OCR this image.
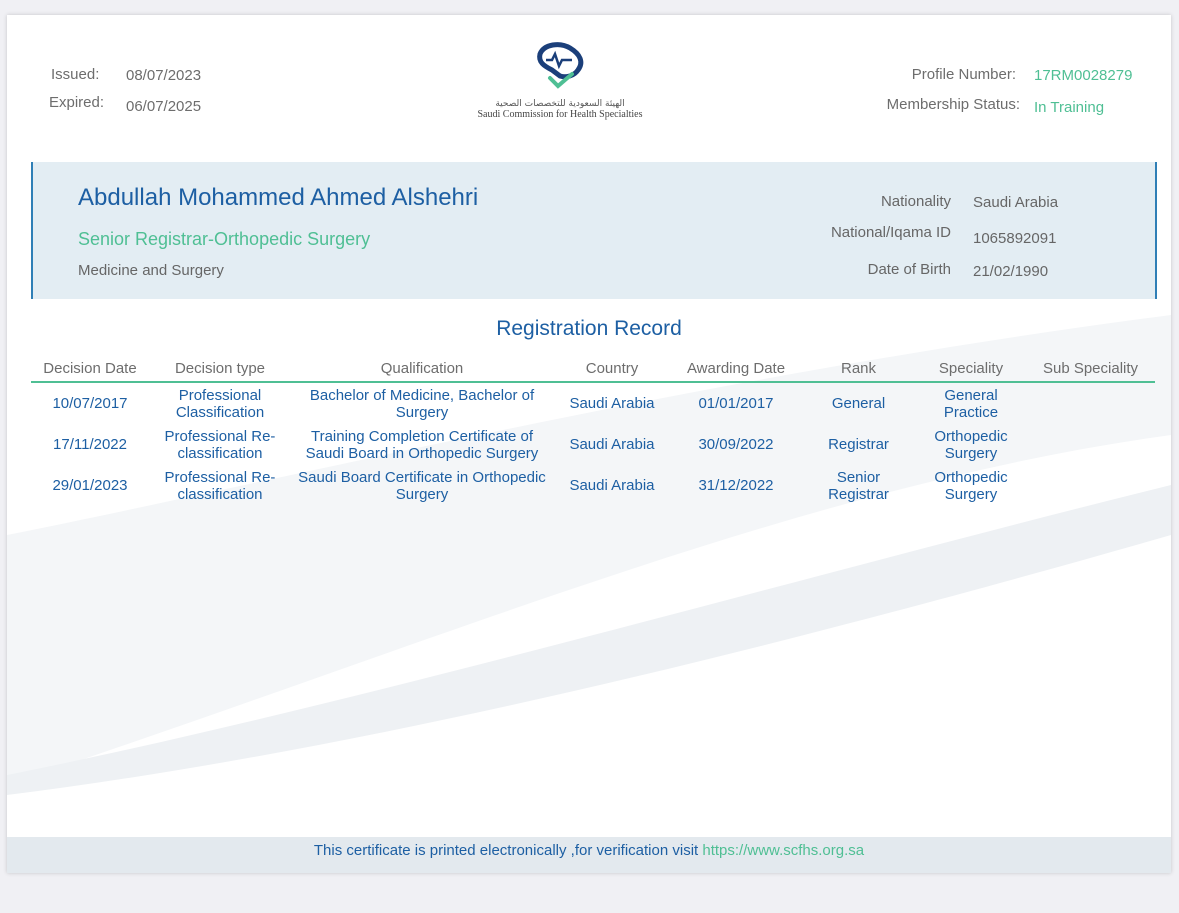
Issued: 08/07/2023
Expired: 06/07/2025	الهيئة السعودية للتخصصات الصحية
Saudi Commission for Health Specialties
Profile Number: 17RM0028279
Membership Status: In Training
Abdullah Mohammed Ahmed Alshehri
Senior Registrar-Orthopedic Surgery
Medicine and Surgery
Nationality Saudi Arabia
National/Iqama ID 1065892091
Date of Birth 21/02/1990
Registration Record
Decision Date	Decision type	Qualification	Country	Awarding Date	Rank	Speciality	Sub Speciality
10/07/2017	Professional Classification	Bachelor of Medicine, Bachelor of Surgery	Saudi Arabia	01/01/2017	General	General Practice	
17/11/2022	Professional Re-classification	Training Completion Certificate of Saudi Board in Orthopedic Surgery	Saudi Arabia	30/09/2022	Registrar	Orthopedic Surgery	
29/01/2023	Professional Re-classification	Saudi Board Certificate in Orthopedic Surgery	Saudi Arabia	31/12/2022	Senior Registrar	Orthopedic Surgery	
This certificate is printed electronically ,for verification visit https://www.scfhs.org.sa
